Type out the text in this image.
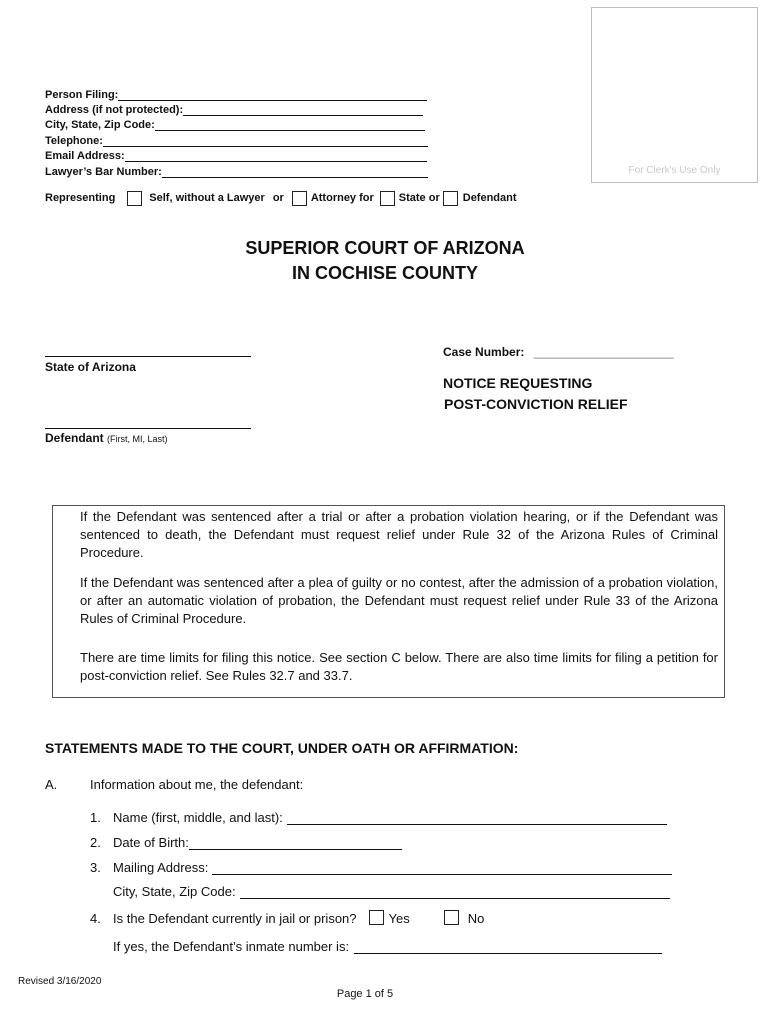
For Clerk's Use Only
Person Filing:
Address (if not protected):
City, State, Zip Code:
Telephone:
Email Address:
Lawyer’s Bar Number:
Representing	Self, without a Lawyer or Attorney for State or Defendant
SUPERIOR COURT OF ARIZONA
IN COCHISE COUNTY
State of Arizona
Defendant (First, MI, Last)
Case Number: _____________________
NOTICE REQUESTING
POST-CONVICTION RELIEF
If the Defendant was sentenced after a trial or after a probation violation hearing, or if the Defendant was sentenced to death, the Defendant must request relief under Rule 32 of the Arizona Rules of Criminal Procedure.
If the Defendant was sentenced after a plea of guilty or no contest, after the admission of a probation violation, or after an automatic violation of probation, the Defendant must request relief under Rule 33 of the Arizona Rules of Criminal Procedure.
There are time limits for filing this notice. See section C below. There are also time limits for filing a petition for post-conviction relief. See Rules 32.7 and 33.7.
STATEMENTS MADE TO THE COURT, UNDER OATH OR AFFIRMATION:
A.	Information about me, the defendant:
1. Name (first, middle, and last):
2. Date of Birth:
3. Mailing Address:
City, State, Zip Code:
4. Is the Defendant currently in jail or prison? Yes	No
If yes, the Defendant’s inmate number is:
Revised 3/16/2020
Page 1 of 5
